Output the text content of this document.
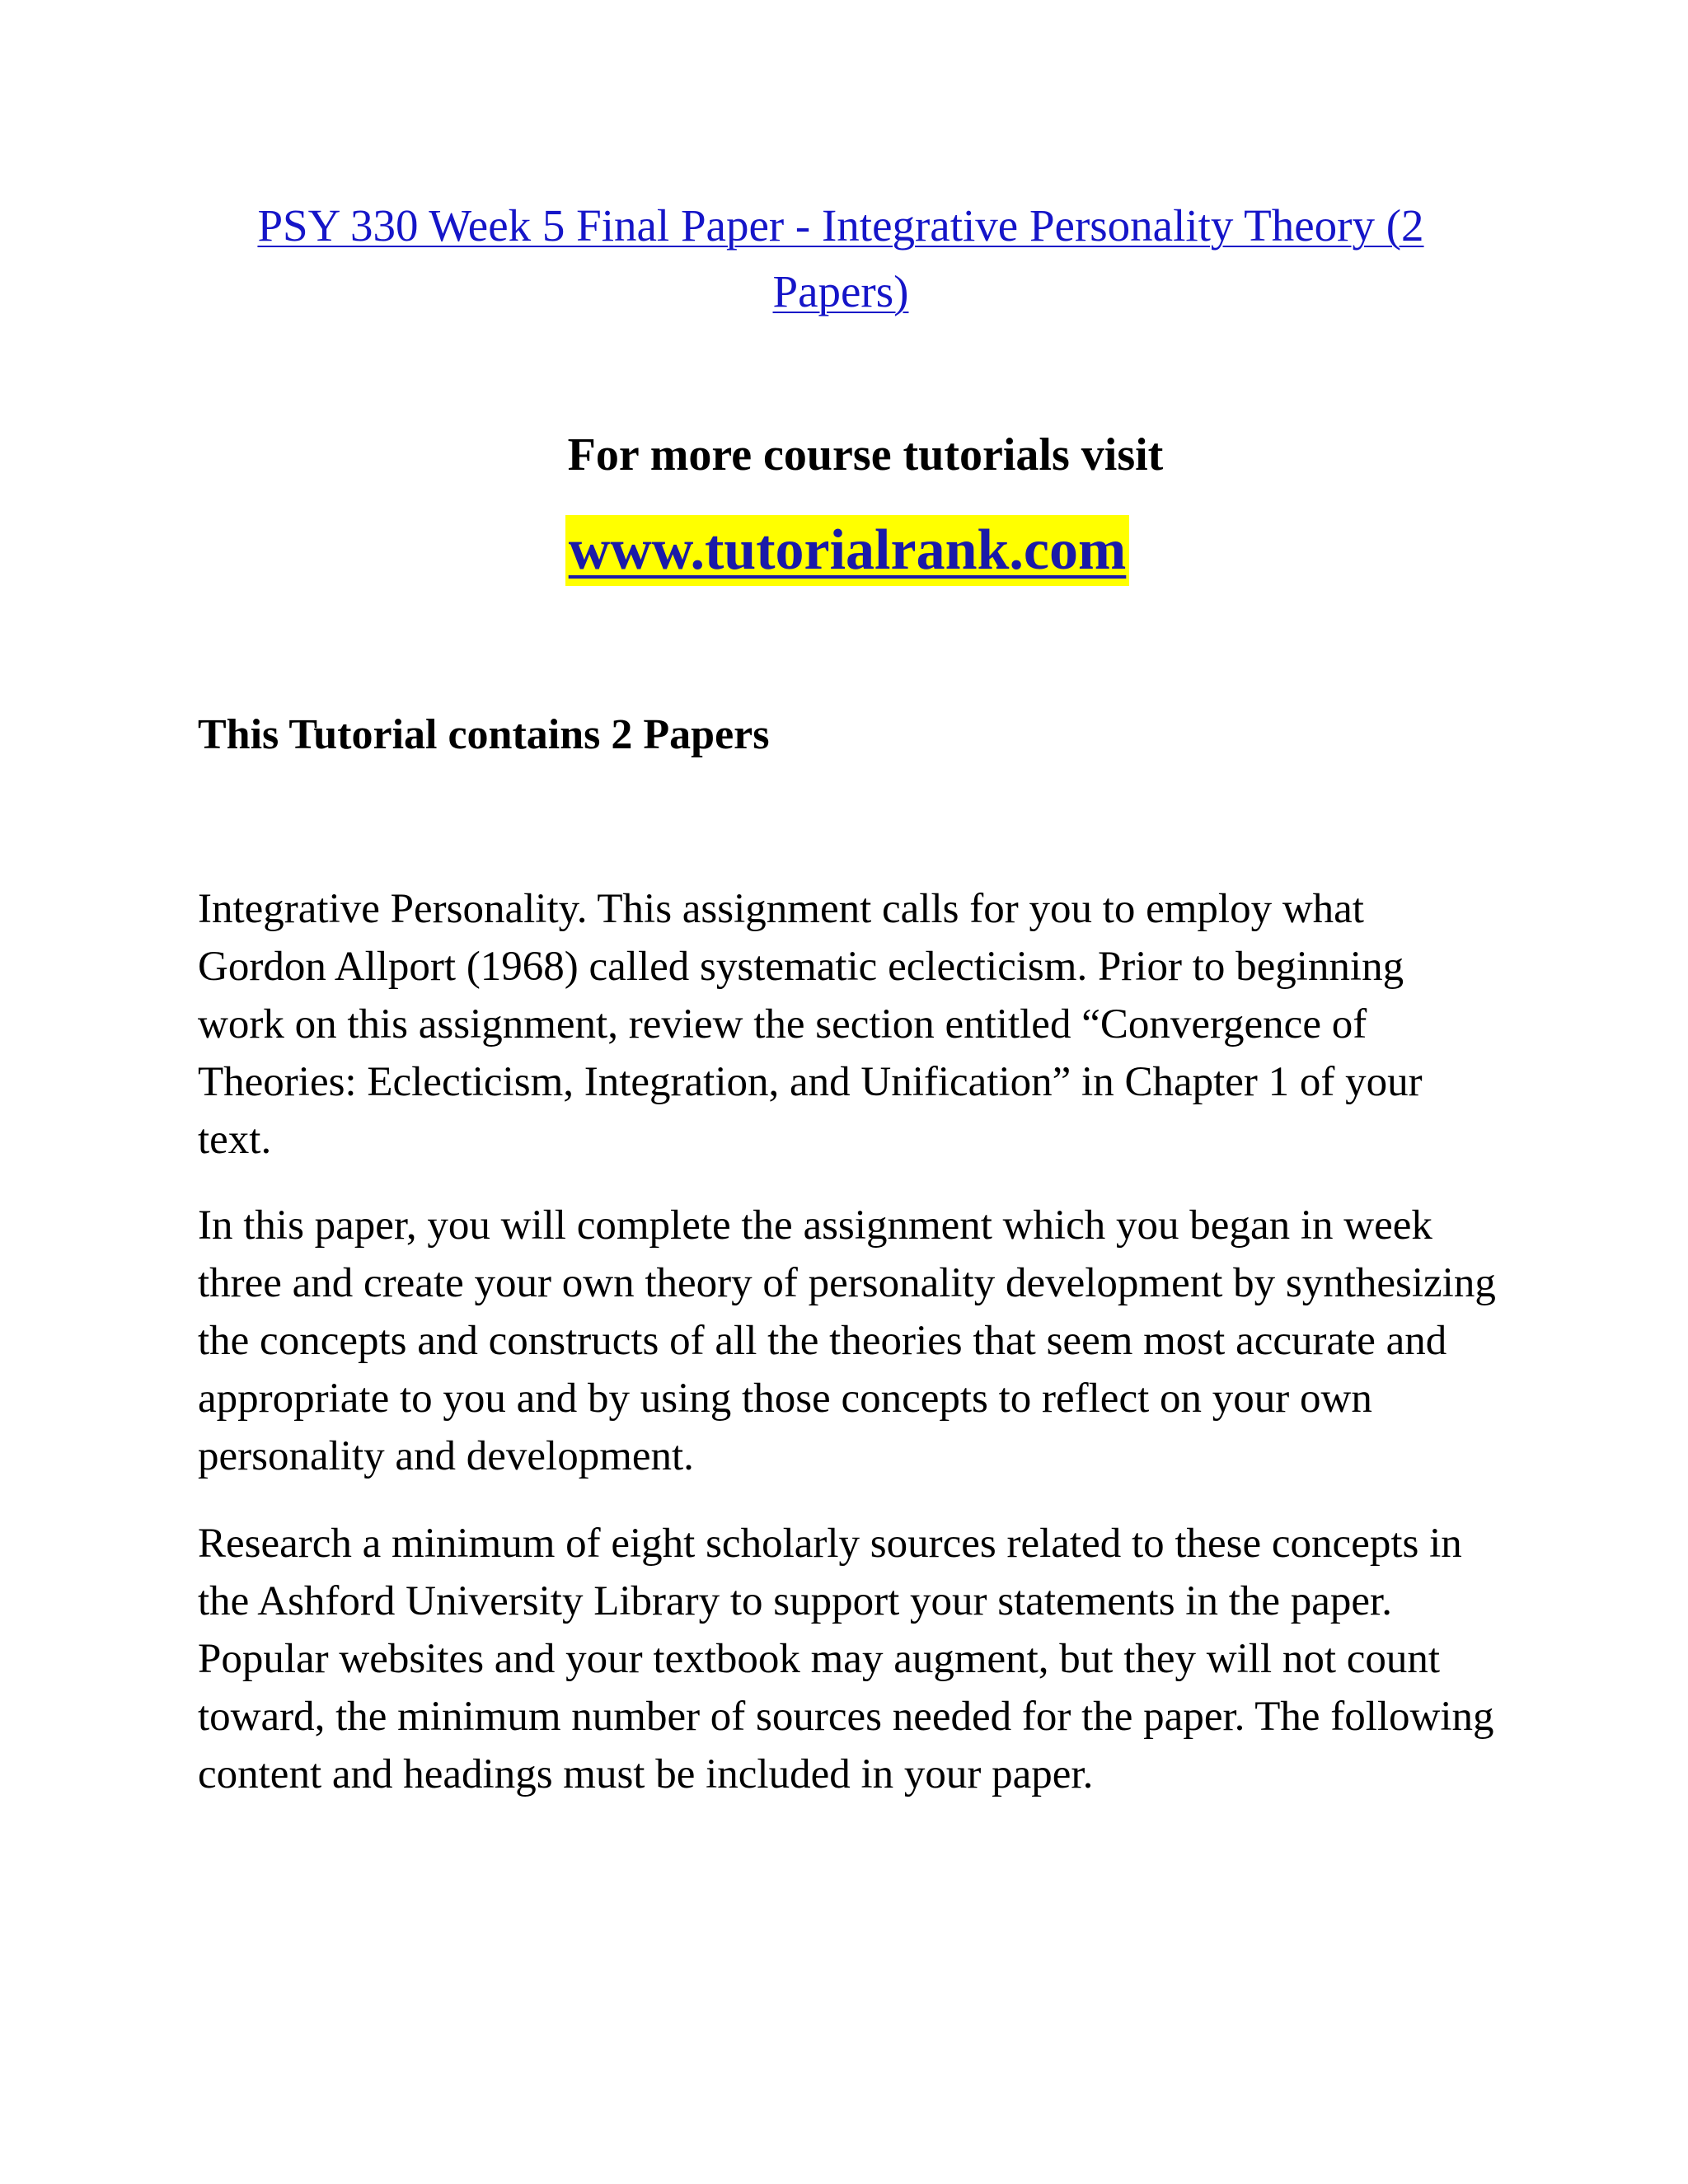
PSY 330 Week 5 Final Paper - Integrative Personality Theory (2 Papers)
For more course tutorials visit
www.tutorialrank.com
This Tutorial contains 2 Papers

Integrative Personality. This assignment calls for you to employ what Gordon Allport (1968) called systematic eclecticism. Prior to beginning work on this assignment, review the section entitled “Convergence of Theories: Eclecticism, Integration, and Unification” in Chapter 1 of your text.

In this paper, you will complete the assignment which you began in week three and create your own theory of personality development by synthesizing the concepts and constructs of all the theories that seem most accurate and appropriate to you and by using those concepts to reflect on your own personality and development.

Research a minimum of eight scholarly sources related to these concepts in the Ashford University Library to support your statements in the paper. Popular websites and your textbook may augment, but they will not count toward, the minimum number of sources needed for the paper. The following content and headings must be included in your paper.
